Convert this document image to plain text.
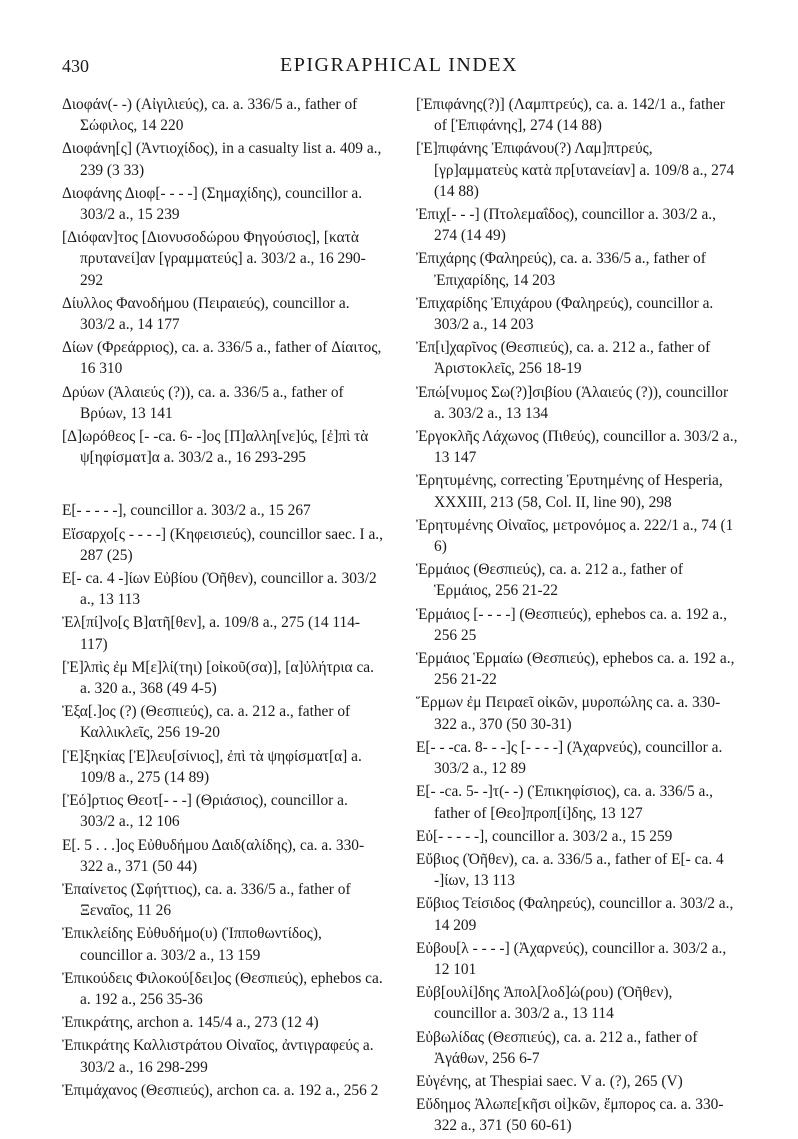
430	EPIGRAPHICAL INDEX

Διοφάν(- -) (Αἰγιλιεύς), ca. a. 336/5 a., father of Σώφιλος, 14 220

Διοφάνη[ς] (Ἀντιοχίδος), in a casualty list a. 409 a., 239 (3 33)

Διοφάνης Διοφ[- - - -] (Σημαχίδης), councillor a. 303/2 a., 15 239

[Διόφαν]τος [Διονυσοδώρου Φηγούσιος], [κατὰ πρυτανεί]αν [γραμματεύς] a. 303/2 a., 16 290-292

Δίυλλος Φανοδήμου (Πειραιεύς), councillor a. 303/2 a., 14 177

Δίων (Φρεάρριος), ca. a. 336/5 a., father of Δίαιτος, 16 310

Δρύων (Ἁλαιεύς (?)), ca. a. 336/5 a., father of Βρύων, 13 141

[Δ]ωρόθεος [- -ca. 6- -]ος [Π]αλλη[νε]ύς, [ἐ]πὶ τὰ ψ[ηφίσματ]α a. 303/2 a., 16 293-295

Ε[- - - - -], councillor a. 303/2 a., 15 267

Εἴσαρχο[ς - - - -] (Κηφεισιεύς), councillor saec. I a., 287 (25)

Ε[- ca. 4 -]ίων Εὐβίου (Ὀῆθεν), councillor a. 303/2 a., 13 113

Ἐλ[πί]νο[ς Β]ατῆ[θεν], a. 109/8 a., 275 (14 114-117)

[Ἐ]λπὶς ἐμ Μ[ε]λί(τηι) [οἰκοῦ(σα)], [α]ὐλήτρια ca. a. 320 a., 368 (49 4-5)

Ἐξα[.]ος (?) (Θεσπιεύς), ca. a. 212 a., father of Καλλικλεῖς, 256 19-20

[Ἐ]ξηκίας [Ἐ]λευ[σίνιος], ἐπὶ τὰ ψηφίσματ[α] a. 109/8 a., 275 (14 89)

[Ἐό]ρτιος Θεοτ[- - -] (Θριάσιος), councillor a. 303/2 a., 12 106

Ε[. 5 . . .]ος Εὐθυδήμου Δαιδ(αλίδης), ca. a. 330-322 a., 371 (50 44)

Ἐπαίνετος (Σφήττιος), ca. a. 336/5 a., father of Ξεναῖος, 11 26

Ἐπικλείδης Εὐθυδήμο(υ) (Ἱπποθωντίδος), councillor a. 303/2 a., 13 159

Ἐπικούδεις Φιλοκού[δει]ος (Θεσπιεύς), ephebos ca. a. 192 a., 256 35-36

Ἐπικράτης, archon a. 145/4 a., 273 (12 4)

Ἐπικράτης Καλλιστράτου Οἰναῖος, ἀντιγραφεύς a. 303/2 a., 16 298-299

Ἐπιμάχανος (Θεσπιεύς), archon ca. a. 192 a., 256 2

[Ἐπιφάνης(?)] (Λαμπτρεύς), ca. a. 142/1 a., father of [Ἐπιφάνης], 274 (14 88)

[Ἐ]πιφάνης Ἐπιφάνου(?) Λαμ]πτρεύς, [γρ]αμματεὺς κατὰ πρ[υτανείαν] a. 109/8 a., 274 (14 88)

Ἐπιχ[- - -] (Πτολεμαΐδος), councillor a. 303/2 a., 274 (14 49)

Ἐπιχάρης (Φαληρεύς), ca. a. 336/5 a., father of Ἐπιχαρίδης, 14 203

Ἐπιχαρίδης Ἐπιχάρου (Φαληρεύς), councillor a. 303/2 a., 14 203

Ἐπ[ι]χαρῖνος (Θεσπιεύς), ca. a. 212 a., father of Ἀριστοκλεῖς, 256 18-19

Ἐπώ[νυμος Σω(?)]σιβίου (Ἁλαιεύς (?)), councillor a. 303/2 a., 13 134

Ἐργοκλῆς Λάχωνος (Πιθεύς), councillor a. 303/2 a., 13 147

Ἐρητυμένης, correcting Ἐρυτημένης of Hesperia, XXXIII, 213 (58, Col. II, line 90), 298

Ἐρητυμένης Οἰναῖος, μετρονόμος a. 222/1 a., 74 (1 6)

Ἑρμάιος (Θεσπιεύς), ca. a. 212 a., father of Ἑρμάιος, 256 21-22

Ἑρμάιος [- - - -] (Θεσπιεύς), ephebos ca. a. 192 a., 256 25

Ἑρμάιος Ἑρμαίω (Θεσπιεύς), ephebos ca. a. 192 a., 256 21-22

Ἕρμων ἐμ Πειραεῖ οἰκῶν, μυροπώλης ca. a. 330-322 a., 370 (50 30-31)

Ε[- - -ca. 8- - -]ς [- - - -] (Ἀχαρνεύς), councillor a. 303/2 a., 12 89

Ε[- -ca. 5- -]τ(- -) (Ἐπικηφίσιος), ca. a. 336/5 a., father of [Θεο]προπ[ί]δης, 13 127

Εὐ[- - - - -], councillor a. 303/2 a., 15 259

Εὔβιος (Ὀῆθεν), ca. a. 336/5 a., father of Ε[- ca. 4 -]ίων, 13 113

Εὔβιος Τείσιδος (Φαληρεύς), councillor a. 303/2 a., 14 209

Εὐβου[λ - - - -] (Ἀχαρνεύς), councillor a. 303/2 a., 12 101

Εὐβ[ουλί]δης Ἀπολ[λοδ]ώ(ρου) (Ὀῆθεν), councillor a. 303/2 a., 13 114

Εὐβωλίδας (Θεσπιεύς), ca. a. 212 a., father of Ἀγάθων, 256 6-7

Εὐγένης, at Thespiai saec. V a. (?), 265 (V)

Εὔδημος Ἀλωπε[κῆσι οἰ]κῶν, ἔμπορος ca. a. 330-322 a., 371 (50 60-61)
